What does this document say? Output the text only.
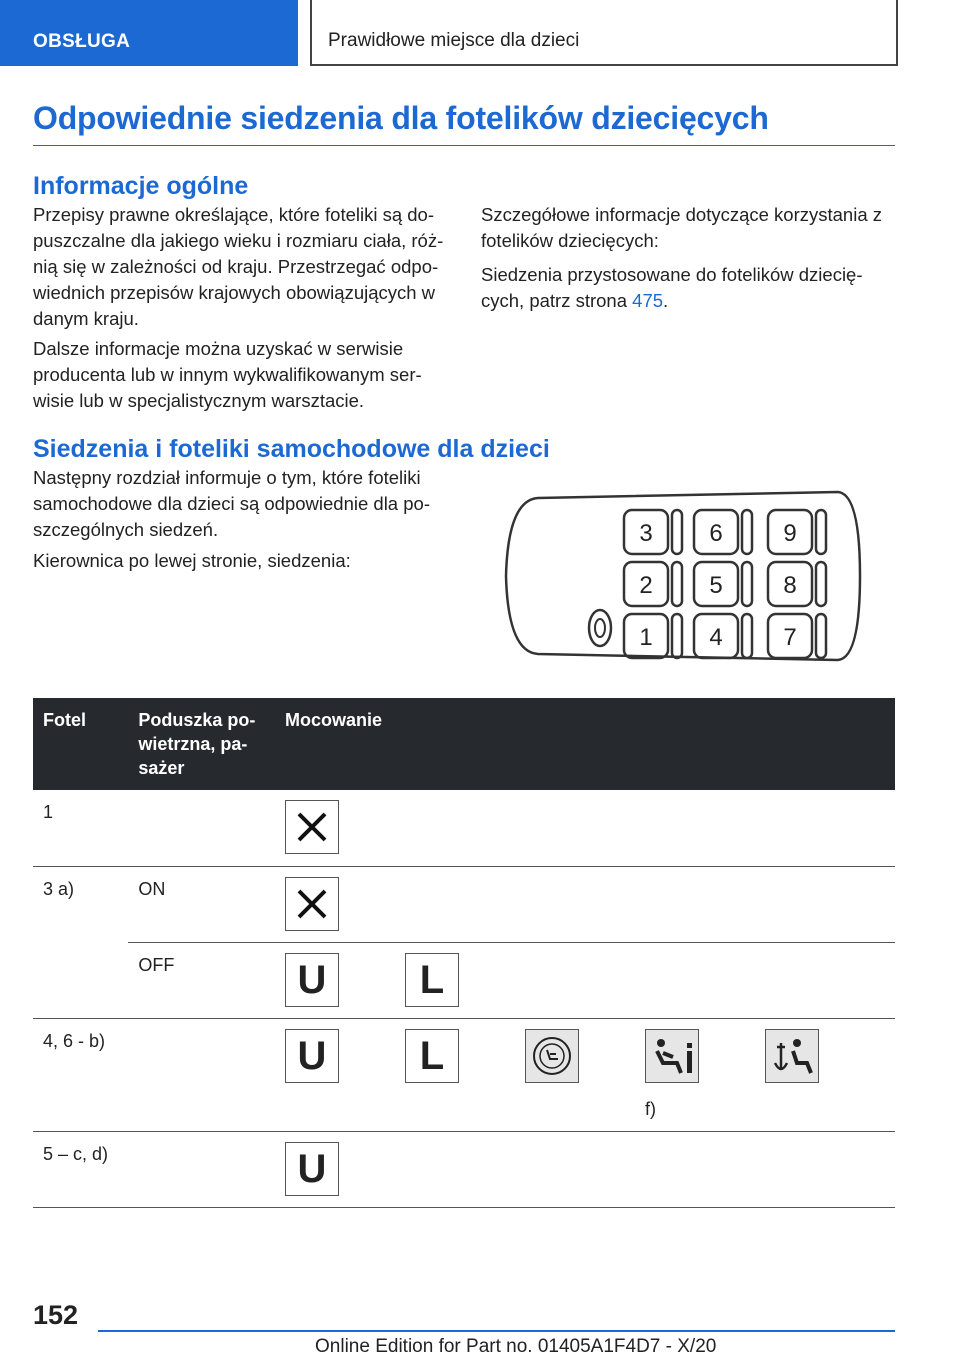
OBSŁUGA	Prawidłowe miejsce dla dzieci
Odpowiednie siedzenia dla fotelików dziecięcych
Informacje ogólne

Przepisy prawne określające, które foteliki są do-puszczalne dla jakiego wieku i rozmiaru ciała, róż-nią się w zależności od kraju. Przestrzegać odpo-wiednich przepisów krajowych obowiązujących w danym kraju.

Dalsze informacje można uzyskać w serwisie producenta lub w innym wykwalifikowanym ser-wisie lub w specjalistycznym warsztacie.

Szczegółowe informacje dotyczące korzystania z fotelików dziecięcych:

Siedzenia przystosowane do fotelików dziecię-cych, patrz strona 475.

Siedzenia i foteliki samochodowe dla dzieci

Następny rozdział informuje o tym, które foteliki samochodowe dla dzieci są odpowiednie dla po-szczególnych siedzeń.

Kierownica po lewej stronie, siedzenia:

3 6	9
2 5	8
1 4	7
Fotel	Poduszka po-wietrzna, pa-sażer	Mocowanie
1		

3 a)	ON	

	OFF	U L

4, 6 - b)		U L
f)

5 – c, d)		U
152
Online Edition for Part no. 01405A1F4D7 - X/20
